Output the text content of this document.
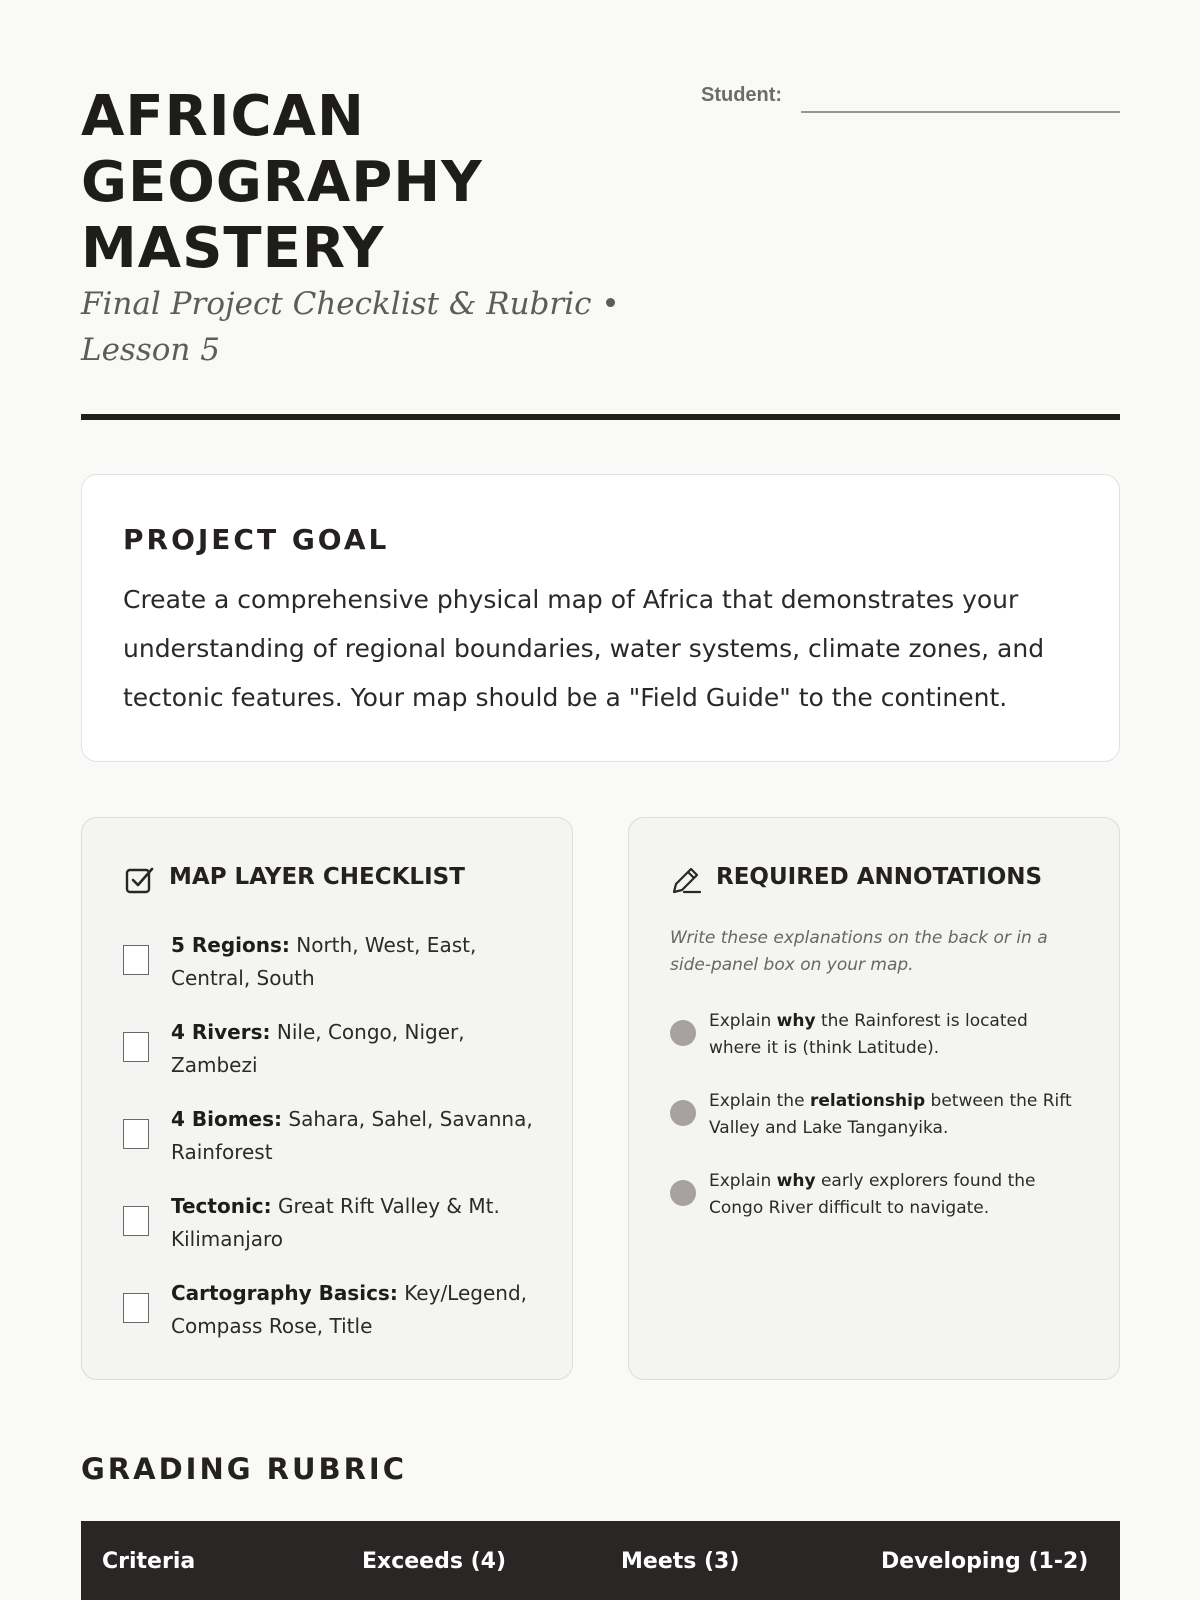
AFRICAN
GEOGRAPHY
MASTERY
Final Project Checklist & Rubric • Lesson 5
Student:
PROJECT GOAL
Create a comprehensive physical map of Africa that demonstrates your understanding of regional boundaries, water systems, climate zones, and tectonic features. Your map should be a "Field Guide" to the continent.
MAP LAYER CHECKLIST
5 Regions: North, West, East, Central, South
4 Rivers: Nile, Congo, Niger, Zambezi
4 Biomes: Sahara, Sahel, Savanna, Rainforest
Tectonic: Great Rift Valley & Mt. Kilimanjaro
Cartography Basics: Key/Legend, Compass Rose, Title
REQUIRED ANNOTATIONS
Write these explanations on the back or in a side-panel box on your map.
Explain why the Rainforest is located where it is (think Latitude).
Explain the relationship between the Rift Valley and Lake Tanganyika.
Explain why early explorers found the Congo River difficult to navigate.
GRADING RUBRIC
Criteria	Exceeds (4)	Meets (3)	Developing (1-2)
